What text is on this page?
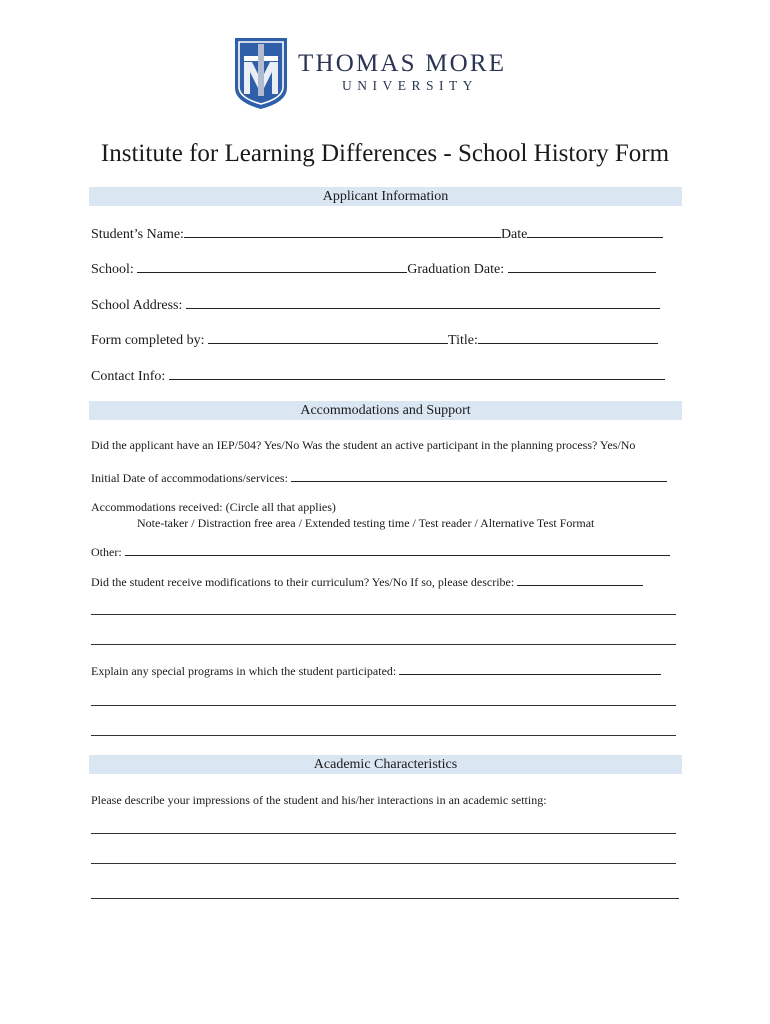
THOMAS MORE
UNIVERSITY
Institute for Learning Differences - School History Form
Applicant Information
Student’s Name:	Date
School:	Graduation Date:
School Address:
Form completed by:	Title:
Contact Info:
Accommodations and Support
Did the applicant have an IEP/504? Yes/No Was the student an active participant in the planning process? Yes/No
Initial Date of accommodations/services:
Accommodations received: (Circle all that applies)
Note-taker / Distraction free area / Extended testing time / Test reader / Alternative Test Format
Other:
Did the student receive modifications to their curriculum? Yes/No If so, please describe:
Explain any special programs in which the student participated:
Academic Characteristics
Please describe your impressions of the student and his/her interactions in an academic setting:
